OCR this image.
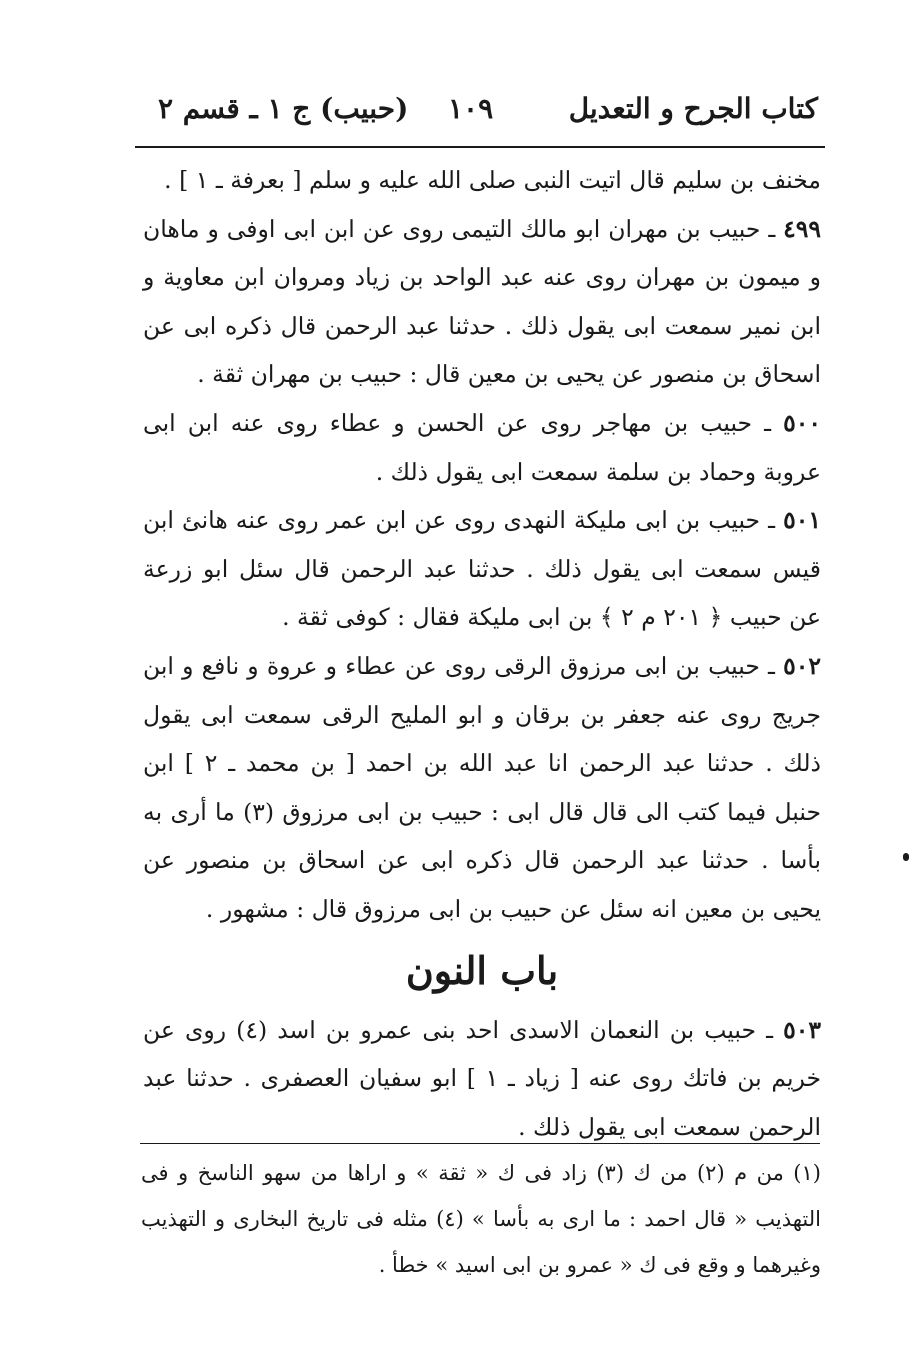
كتاب الجرح و التعديل
١٠٩
(حبيب) ج ١ ـ قسم ٢

مخنف بن سليم قال اتيت النبى صلى الله عليه و سلم [ بعرفة ـ ١ ] .

٤٩٩ ـ حبيب بن مهران ابو مالك التيمى روى عن ابن ابى اوفى و ماهان و ميمون بن مهران روى عنه عبد الواحد بن زياد ومروان ابن معاوية و ابن نمير سمعت ابى يقول ذلك . حدثنا عبد الرحمن قال ذكره ابى عن اسحاق بن منصور عن يحيى بن معين قال : حبيب بن مهران ثقة .

٥٠٠ ـ حبيب بن مهاجر روى عن الحسن و عطاء روى عنه ابن ابى عروبة وحماد بن سلمة سمعت ابى يقول ذلك .

٥٠١ ـ حبيب بن ابى مليكة النهدى روى عن ابن عمر روى عنه هانئ ابن قيس سمعت ابى يقول ذلك . حدثنا عبد الرحمن قال سئل ابو زرعة عن حبيب ﴿ ٢٠١ م ٢ ﴾ بن ابى مليكة فقال : كوفى ثقة .

٥٠٢ ـ حبيب بن ابى مرزوق الرقى روى عن عطاء و عروة و نافع و ابن جريج روى عنه جعفر بن برقان و ابو المليح الرقى سمعت ابى يقول ذلك . حدثنا عبد الرحمن انا عبد الله بن احمد [ بن محمد ـ ٢ ] ابن حنبل فيما كتب الى قال قال ابى : حبيب بن ابى مرزوق (٣) ما أرى به بأسا . حدثنا عبد الرحمن قال ذكره ابى عن اسحاق بن منصور عن يحيى بن معين انه سئل عن حبيب بن ابى مرزوق قال : مشهور .

باب النون

٥٠٣ ـ حبيب بن النعمان الاسدى احد بنى عمرو بن اسد (٤) روى عن خريم بن فاتك روى عنه [ زياد ـ ١ ] ابو سفيان العصفرى . حدثنا عبد الرحمن سمعت ابى يقول ذلك .

(١) من م (٢) من ك (٣) زاد فى ك « ثقة » و اراها من سهو الناسخ و فى التهذيب « قال احمد : ما ارى به بأسا » (٤) مثله فى تاريخ البخارى و التهذيب وغيرهما و وقع فى ك « عمرو بن ابى اسيد » خطأ .
